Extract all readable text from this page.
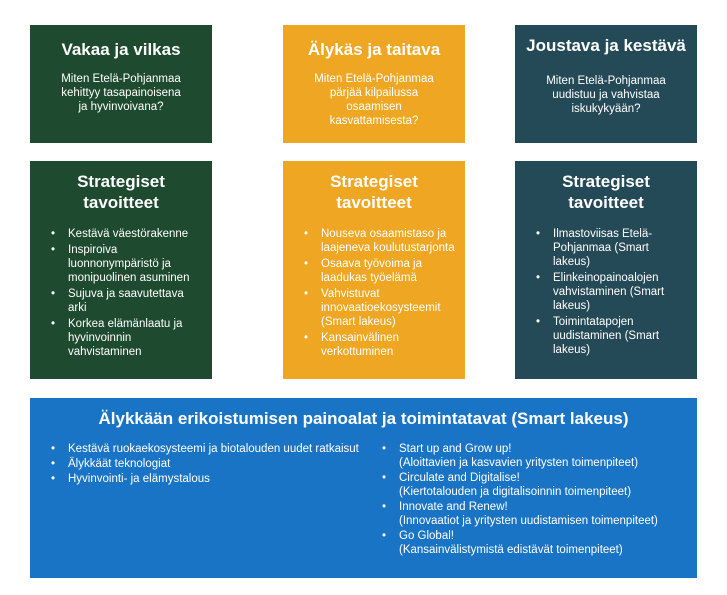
Vakaa ja vilkas
Miten Etelä-Pohjanmaa kehittyy tasapainoisena ja hyvinvoivana?
Älykäs ja taitava
Miten Etelä-Pohjanmaa pärjää kilpailussa osaamisen kasvattamisesta?
Joustava ja kestävä
Miten Etelä-Pohjanmaa uudistuu ja vahvistaa iskukykyään?
Strategiset tavoitteet
• Kestävä väestörakenne
• Inspiroiva luonnonympäristö ja monipuolinen asuminen
• Sujuva ja saavutettava arki
• Korkea elämänlaatu ja hyvinvoinnin vahvistaminen
Strategiset tavoitteet
• Nouseva osaamistaso ja laajeneva koulutustarjonta
• Osaava työvoima ja laadukas työelämä
• Vahvistuvat innovaatioekosysteemit (Smart lakeus)
• Kansainvälinen verkottuminen
Strategiset tavoitteet
• Ilmastoviisas Etelä-Pohjanmaa (Smart lakeus)
• Elinkeinopainoalojen vahvistaminen (Smart lakeus)
• Toimintatapojen uudistaminen (Smart lakeus)
Älykkään erikoistumisen painoalat ja toimintatavat (Smart lakeus)
• Kestävä ruokaekosysteemi ja biotalouden uudet ratkaisut
• Älykkäät teknologiat
• Hyvinvointi- ja elämystalous
• Start up and Grow up!
(Aloittavien ja kasvavien yritysten toimenpiteet)
• Circulate and Digitalise!
(Kiertotalouden ja digitalisoinnin toimenpiteet)
• Innovate and Renew!
(Innovaatiot ja yritysten uudistamisen toimenpiteet)
• Go Global!
(Kansainvälistymistä edistävät toimenpiteet)
